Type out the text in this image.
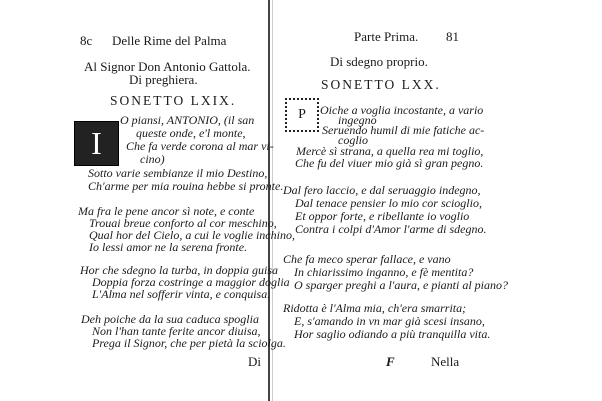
8c Delle Rime del Palma
Al Signor Don Antonio Gattola.
Di preghiera.
SONETTO LXIX.
I
O piansi, ANTONIO, (il san
queste onde, e'l monte,
Che fa verde corona al mar vi-
cino)
Sotto varie sembianze il mio Destino,
Ch'arme per mia rouina hebbe si pronte.
Ma fra le pene ancor sì note, e conte
Trouai breue conforto al cor meschino,
Qual hor del Cielo, a cui le voglie inchino,
Io lessi amor ne la serena fronte.
Hor che sdegno la turba, in doppia guisa
Doppia forza costringe a maggior doglia
L'Alma nel sofferir vinta, e conquisa.
Deh poiche da la sua caduca spoglia
Non l'han tante ferite ancor diuisa,
Prega il Signor, che per pietà la sciolga.
Di
Parte Prima. 81
Di sdegno proprio.
SONETTO LXX.
P Oiche a voglia incostante, a vario
ingegno
Seruendo humil di mie fatiche ac-
coglio
Mercè sì strana, a quella rea mi toglio,
Che fu del viuer mio già sì gran pegno.
Dal fero laccio, e dal seruaggio indegno,
Dal tenace pensier lo mio cor scioglio,
Et oppor forte, e ribellante io voglio
Contra i colpi d'Amor l'arme di sdegno.
Che fa meco sperar fallace, e vano
In chiarissimo inganno, e fè mentita?
O sparger preghi a l'aura, e pianti al piano?
Ridotta è l'Alma mia, ch'era smarrita;
E, s'amando in vn mar già scesi insano,
Hor saglio odiando a più tranquilla vita.
F	Nella
